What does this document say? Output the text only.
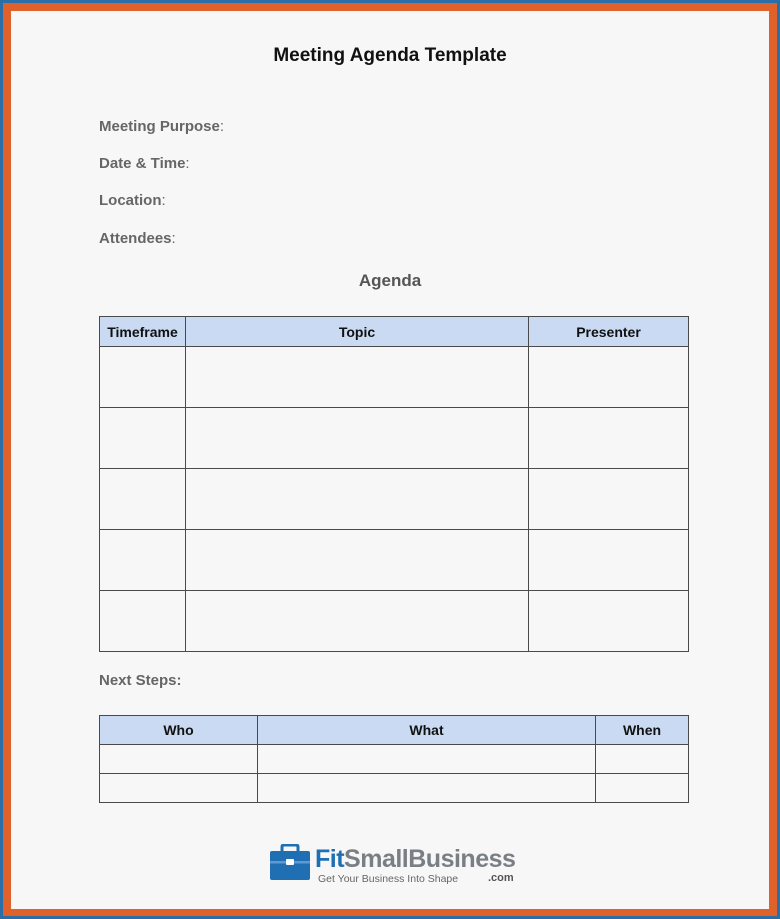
Meeting Agenda Template
Meeting Purpose:
Date & Time:
Location:
Attendees:
Agenda
Timeframe	Topic	Presenter

Next Steps:
Who	What	When

FitSmallBusiness
Get Your Business Into Shape	.com
